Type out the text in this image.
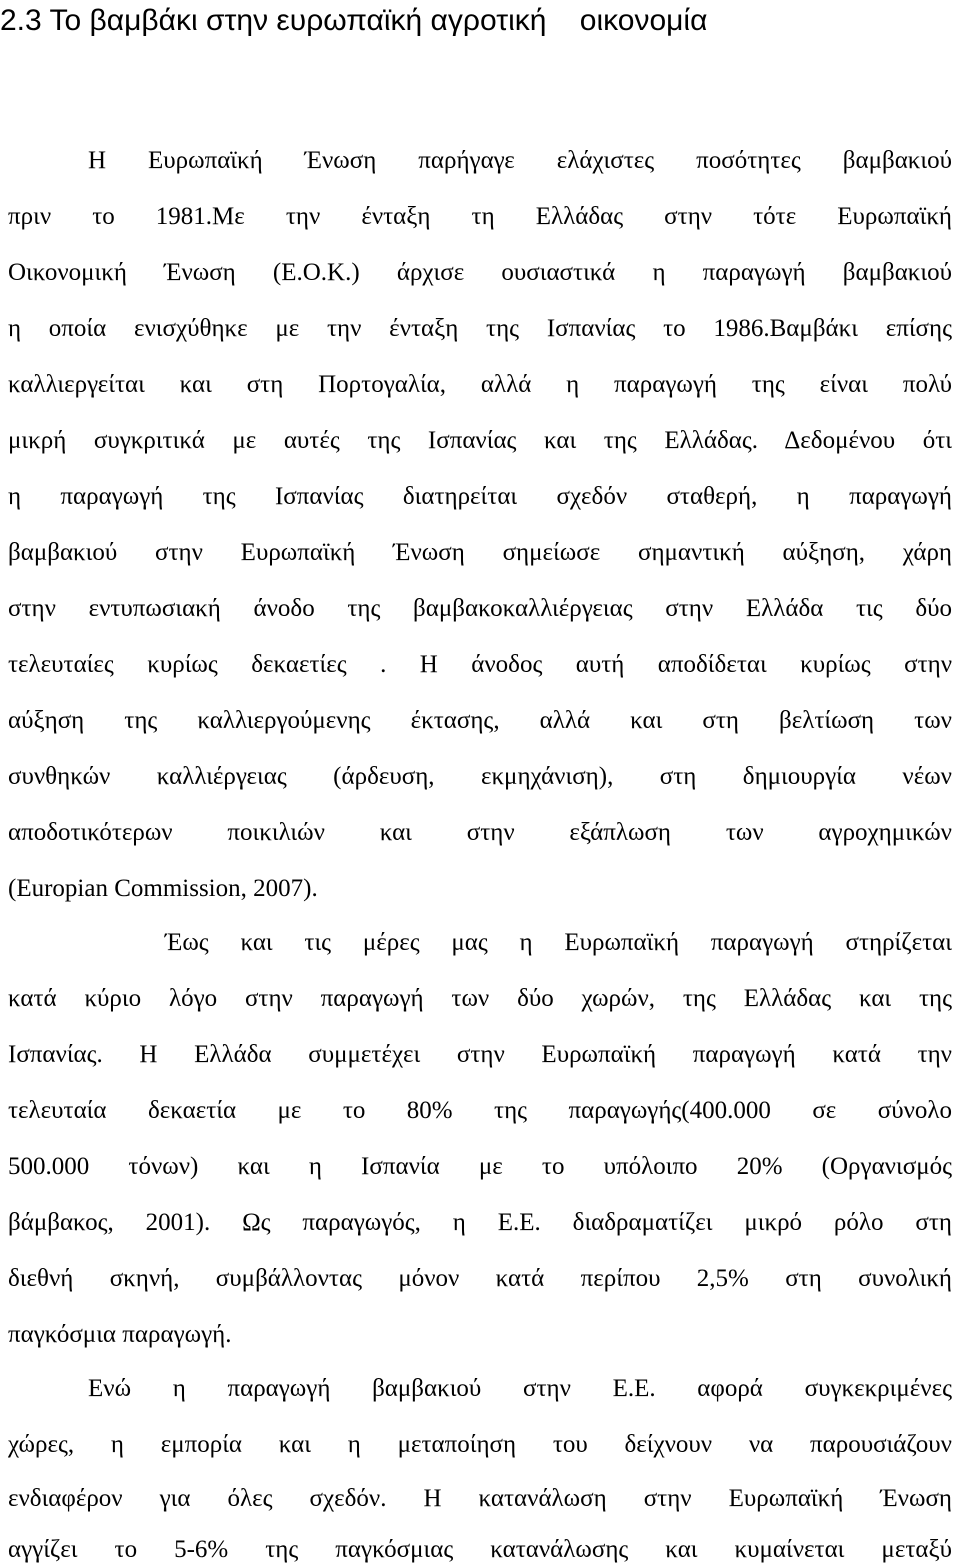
2.3 Το βαμβάκι στην ευρωπαϊκή αγροτική    οικονομία
Η Ευρωπαϊκή Ένωση παρήγαγε ελάχιστες ποσότητες βαμβακιού
πριν το 1981.Με την ένταξη τη Ελλάδας στην τότε Ευρωπαϊκή
Οικονομική Ένωση (Ε.Ο.Κ.) άρχισε ουσιαστικά η παραγωγή βαμβακιού
η οποία ενισχύθηκε με την ένταξη της Ισπανίας το 1986.Βαμβάκι επίσης
καλλιεργείται και στη Πορτογαλία, αλλά η παραγωγή της είναι πολύ
μικρή συγκριτικά με αυτές της Ισπανίας και της Ελλάδας. Δεδομένου ότι
η παραγωγή της Ισπανίας διατηρείται σχεδόν σταθερή, η παραγωγή
βαμβακιού στην Ευρωπαϊκή Ένωση σημείωσε σημαντική αύξηση, χάρη
στην εντυπωσιακή άνοδο της βαμβακοκαλλιέργειας στην Ελλάδα τις δύο
τελευταίες κυρίως δεκαετίες . Η άνοδος αυτή αποδίδεται κυρίως στην
αύξηση της καλλιεργούμενης έκτασης, αλλά και στη βελτίωση των
συνθηκών καλλιέργειας (άρδευση, εκμηχάνιση), στη δημιουργία νέων
αποδοτικότερων ποικιλιών και στην εξάπλωση των αγροχημικών
(Europian Commission, 2007).
Έως και τις μέρες μας η Ευρωπαϊκή παραγωγή στηρίζεται
κατά κύριο λόγο στην παραγωγή των δύο χωρών, της Ελλάδας και της
Ισπανίας. Η Ελλάδα συμμετέχει στην Ευρωπαϊκή παραγωγή κατά την
τελευταία δεκαετία με το 80% της παραγωγής(400.000 σε σύνολο
500.000 τόνων) και η Ισπανία με το υπόλοιπο 20% (Οργανισμός
βάμβακος, 2001). Ως παραγωγός, η Ε.Ε. διαδραματίζει μικρό ρόλο στη
διεθνή σκηνή, συμβάλλοντας μόνον κατά περίπου 2,5% στη συνολική
παγκόσμια παραγωγή.
Ενώ η παραγωγή βαμβακιού στην Ε.Ε. αφορά συγκεκριμένες
χώρες, η εμπορία και η μεταποίηση του δείχνουν να παρουσιάζουν
ενδιαφέρον για όλες σχεδόν. Η κατανάλωση στην Ευρωπαϊκή Ένωση
αγγίζει το 5-6% της παγκόσμιας κατανάλωσης και κυμαίνεται μεταξύ
